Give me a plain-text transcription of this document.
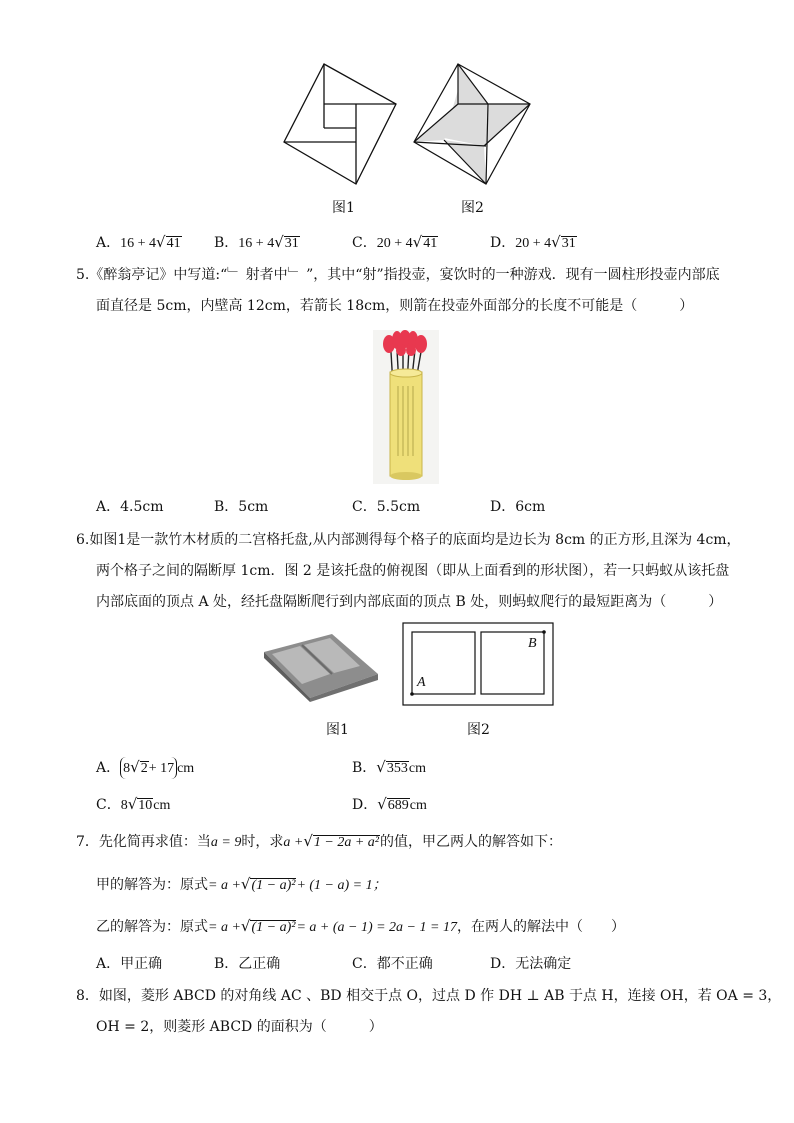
图1	图2
A．16 + 4√41 B．16 + 4√31	C．20 + 4√41	D．20 + 4√31
5.《醉翁亭记》中写道:“﹂ 射者中﹂ ”，其中“射”指投壶，宴饮时的一种游戏．现有一圆柱形投壶内部底
面直径是 5cm，内壁高 12cm，若箭长 18cm，则箭在投壶外面部分的长度不可能是（　　　）
A．4.5cm	B．5cm	C．5.5cm	D．6cm
6.如图1是一款竹木材质的二宫格托盘,从内部测得每个格子的底面均是边长为 8cm 的正方形,且深为 4cm，
两个格子之间的隔断厚 1cm．图 2 是该托盘的俯视图（即从上面看到的形状图），若一只蚂蚁从该托盘
内部底面的顶点 A 处，经托盘隔断爬行到内部底面的顶点 B 处，则蚂蚁爬行的最短距离为（　　　）
A
B
图1	图2
A． 8√2+ 17 cm	B．√353cm
C．8√10cm	D．√689cm
7．先化简再求值：当a = 9时，求a +√1 − 2a + a²的值，甲乙两人的解答如下：
甲的解答为：原式= a +√(1 − a)²+ (1 − a) = 1；
乙的解答为：原式= a +√(1 − a)²= a + (a − 1) = 2a − 1 = 17，在两人的解法中（　　）
A．甲正确	B．乙正确	C．都不正确	D．无法确定
8．如图，菱形 ABCD 的对角线 AC 、BD 相交于点 O，过点 D 作 DH ⊥ AB 于点 H，连接 OH，若 OA = 3，
OH = 2，则菱形 ABCD 的面积为（　　　）
